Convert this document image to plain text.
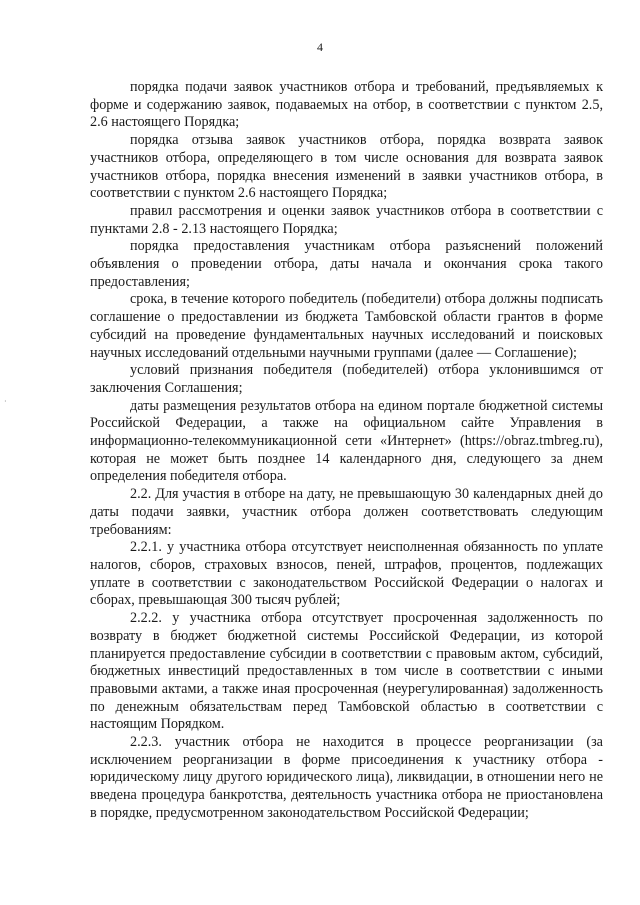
4
·

порядка подачи заявок участников отбора и требований, предъявляемых к форме и содержанию заявок, подаваемых на отбор, в соответствии с пунктом 2.5, 2.6 настоящего Порядка;

порядка отзыва заявок участников отбора, порядка возврата заявок участников отбора, определяющего в том числе основания для возврата заявок участников отбора, порядка внесения изменений в заявки участников отбора, в соответствии с пунктом 2.6 настоящего Порядка;

правил рассмотрения и оценки заявок участников отбора в соответствии с пунктами 2.8 - 2.13 настоящего Порядка;

порядка предоставления участникам отбора разъяснений положений объявления о проведении отбора, даты начала и окончания срока такого предоставления;

срока, в течение которого победитель (победители) отбора должны подписать соглашение о предоставлении из бюджета Тамбовской области грантов в форме субсидий на проведение фундаментальных научных исследований и поисковых научных исследований отдельными научными группами (далее — Соглашение);

условий признания победителя (победителей) отбора уклонившимся от заключения Соглашения;

даты размещения результатов отбора на едином портале бюджетной системы Российской Федерации, а также на официальном сайте Управления в информационно-телекоммуникационной сети «Интернет» (https://obraz.tmbreg.ru), которая не может быть позднее 14 календарного дня, следующего за днем определения победителя отбора.

2.2. Для участия в отборе на дату, не превышающую 30 календарных дней до даты подачи заявки, участник отбора должен соответствовать следующим требованиям:

2.2.1. у участника отбора отсутствует неисполненная обязанность по уплате налогов, сборов, страховых взносов, пеней, штрафов, процентов, подлежащих уплате в соответствии с законодательством Российской Федерации о налогах и сборах, превышающая 300 тысяч рублей;

2.2.2. у участника отбора отсутствует просроченная задолженность по возврату в бюджет бюджетной системы Российской Федерации, из которой планируется предоставление субсидии в соответствии с правовым актом, субсидий, бюджетных инвестиций предоставленных в том числе в соответствии с иными правовыми актами, а также иная просроченная (неурегулированная) задолженность по денежным обязательствам перед Тамбовской областью в соответствии с настоящим Порядком.

2.2.3. участник отбора не находится в процессе реорганизации (за исключением реорганизации в форме присоединения к участнику отбора - юридическому лицу другого юридического лица), ликвидации, в отношении него не введена процедура банкротства, деятельность участника отбора не приостановлена в порядке, предусмотренном законодательством Российской Федерации;
